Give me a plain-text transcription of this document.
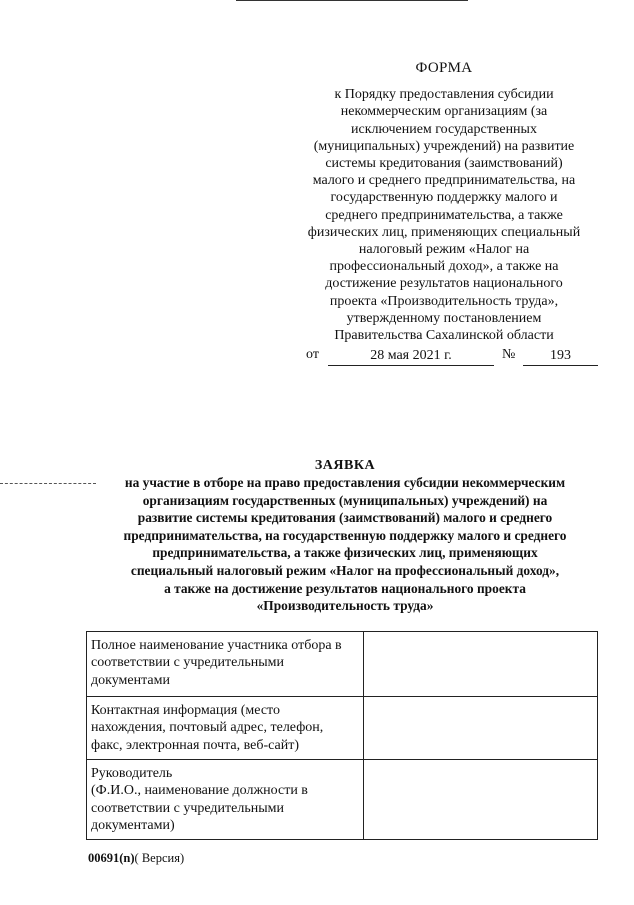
ФОРМА
к Порядку предоставления субсидии
некоммерческим организациям (за
исключением государственных
(муниципальных) учреждений) на развитие
системы кредитования (заимствований)
малого и среднего предпринимательства, на
государственную поддержку малого и
среднего предпринимательства, а также
физических лиц, применяющих специальный
налоговый режим «Налог на
профессиональный доход», а также на
достижение результатов национального
проекта «Производительность труда»,
утвержденному постановлением
Правительства Сахалинской области
от	28 мая 2021 г.	№	193
ЗАЯВКА
на участие в отборе на право предоставления субсидии некоммерческим
организациям государственных (муниципальных) учреждений) на
развитие системы кредитования (заимствований) малого и среднего
предпринимательства, на государственную поддержку малого и среднего
предпринимательства, а также физических лиц, применяющих
специальный налоговый режим «Налог на профессиональный доход»,
а также на достижение результатов национального проекта
«Производительность труда»
Полное наименование участника отбора в
соответствии с учредительными
документами	

Контактная информация (место
нахождения, почтовый адрес, телефон,
факс, электронная почта, веб-сайт)	

Руководитель
(Ф.И.О., наименование должности в
соответствии с учредительными
документами)	

00691(n)( Версия)
